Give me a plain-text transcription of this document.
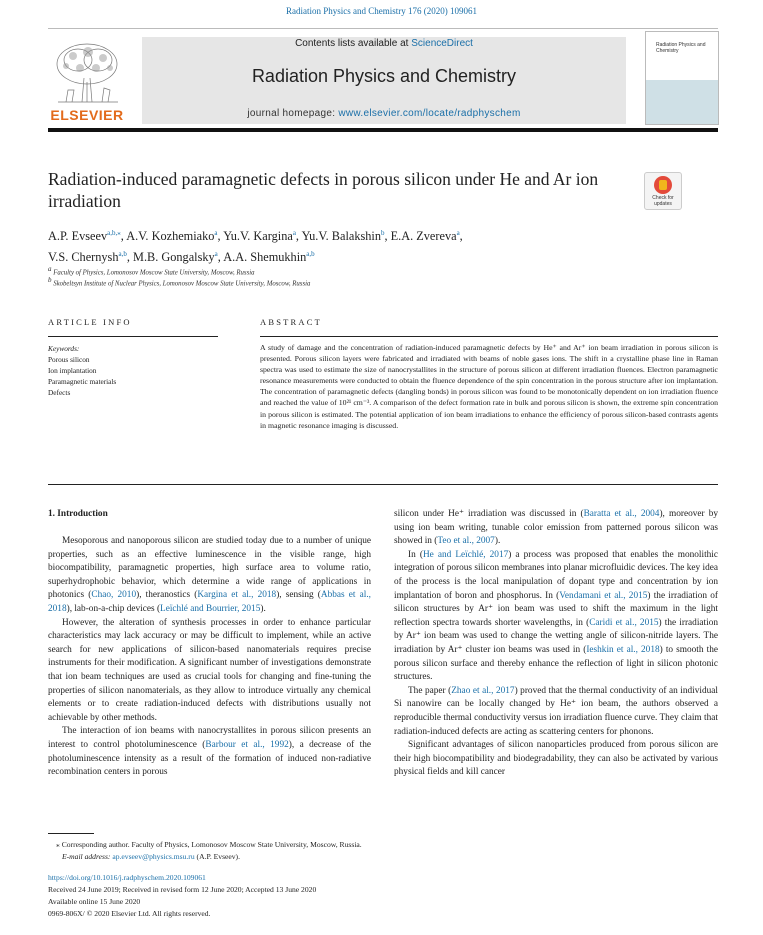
Radiation Physics and Chemistry 176 (2020) 109061
ELSEVIER
Contents lists available at ScienceDirect
Radiation Physics and Chemistry
journal homepage: www.elsevier.com/locate/radphyschem
Radiation Physics and Chemistry
Radiation-induced paramagnetic defects in porous silicon under He and Ar ion irradiation	Check for updates
A.P. Evseev$^{a,b,⁎}$, A.V. Kozhemiako$^a$, Yu.V. Kargina$^a$, Yu.V. Balakshin$^b$, E.A. Zvereva$^a$,
V.S. Chernysh$^{a,b}$, M.B. Gongalsky$^a$, A.A. Shemukhin$^{a,b}$
$^a$ Faculty of Physics, Lomonosov Moscow State University, Moscow, Russia
$^b$ Skobeltsyn Institute of Nuclear Physics, Lomonosov Moscow State University, Moscow, Russia
ARTICLE INFO	ABSTRACT
Keywords:
Porous silicon
Ion implantation
Paramagnetic materials
Defects
A study of damage and the concentration of radiation-induced paramagnetic defects by He⁺ and Ar⁺ ion beam irradiation in porous silicon is presented. Porous silicon layers were fabricated and irradiated with beams of noble gases ions. The shift in a crystalline phase line in Raman spectra was used to estimate the size of nanocrystallites in the structure of porous silicon at different irradiation fluences. Electron paramagnetic resonance measurements were conducted to obtain the fluence dependence of the spin concentration in the porous structure after ion implantation. The concentration of paramagnetic defects (dangling bonds) in porous silicon was found to be monotonically dependent on ion irradiation fluence and reached the value of 10²¹ cm⁻³. A comparison of the defect formation rate in bulk and porous silicon is shown, the extreme spin concentration in porous silicon is estimated. The potential application of ion beam irradiations to enhance the efficiency of porous silicon-based contrasts agents in magnetic resonance imaging is discussed.
1. Introduction

Mesoporous and nanoporous silicon are studied today due to a number of unique properties, such as an effective luminescence in the visible range, high biocompatibility, paramagnetic properties, high surface area to volume ratio, superhydrophobic behavior, which determine a wide range of applications in photonics (Chao, 2010), theranostics (Kargina et al., 2018), sensing (Abbas et al., 2018), lab-on-a-chip devices (Leïchlé and Bourrier, 2015).

However, the alteration of synthesis processes in order to enhance particular characteristics may lack accuracy or may be difficult to implement, while an active search for new applications of silicon-based nanomaterials requires precise instruments for their modification. A significant number of investigations demonstrate that ion beam techniques are used as crucial tools for changing and fine-tuning the properties of silicon nanomaterials, as they allow to introduce virtually any chemical elements or to create radiation-induced defects with distributions usually not achievable by other methods.

The interaction of ion beams with nanocrystallites in porous silicon presents an interest to control photoluminescence (Barbour et al., 1992), a decrease of the photoluminescence intensity as a result of the formation of induced non-radiative recombination centers in porous

silicon under He⁺ irradiation was discussed in (Baratta et al., 2004), moreover by using ion beam writing, tunable color emission from patterned porous silicon was showed in (Teo et al., 2007).

In (He and Leïchlé, 2017) a process was proposed that enables the monolithic integration of porous silicon membranes into planar microfluidic devices. The key idea of the process is the local manipulation of dopant type and concentration by ion implantation of boron and phosphorus. In (Vendamani et al., 2015) the irradiation of silicon structures by Ar⁺ ion beam was used to shift the maximum in the light reflection spectra towards shorter wavelengths, in (Caridi et al., 2015) the irradiation by Ar⁺ ion beam was used to change the wetting angle of silicon-nitride layers. The irradiation by Ar⁺ cluster ion beams was used in (Ieshkin et al., 2018) to smooth the porous silicon surface and thereby enhance the reflection of light in silicon photonic structures.

The paper (Zhao et al., 2017) proved that the thermal conductivity of an individual Si nanowire can be locally changed by He⁺ ion beam, the authors observed a reproducible thermal conductivity versus ion irradiation fluence curve. They claim that radiation-induced defects are acting as scattering centers for phonons.

Significant advantages of silicon nanoparticles produced from porous silicon are their high biocompatibility and biodegradability, they can also be activated by various physical fields and kill cancer

⁎ Corresponding author. Faculty of Physics, Lomonosov Moscow State University, Moscow, Russia.
E-mail address: ap.evseev@physics.msu.ru (A.P. Evseev).
https://doi.org/10.1016/j.radphyschem.2020.109061
Received 24 June 2019; Received in revised form 12 June 2020; Accepted 13 June 2020
Available online 15 June 2020
0969-806X/ © 2020 Elsevier Ltd. All rights reserved.
